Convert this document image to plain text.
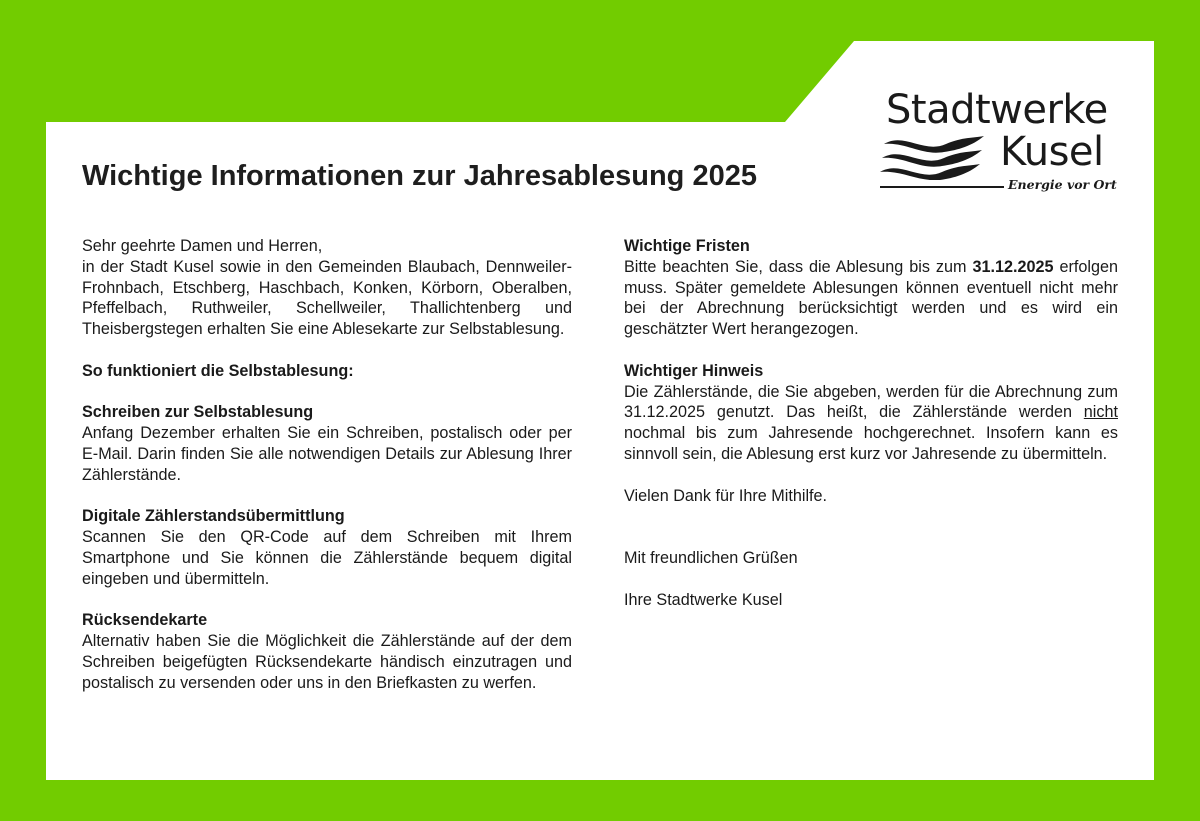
Stadtwerke
Kusel
Energie vor Ort
Wichtige Informationen zur Jahresablesung 2025

Sehr geehrte Damen und Herren,
in der Stadt Kusel sowie in den Gemeinden Blaubach, Dennweiler-Frohnbach, Etschberg, Haschbach, Konken, Körborn, Oberalben, Pfeffelbach, Ruthweiler, Schellweiler, Thallichtenberg und Theisbergstegen erhalten Sie eine Ablesekarte zur Selbstablesung.

So funktioniert die Selbstablesung:

Schreiben zur Selbstablesung
Anfang Dezember erhalten Sie ein Schreiben, postalisch oder per E-Mail. Darin finden Sie alle notwendigen Details zur Ablesung Ihrer Zählerstände.

Digitale Zählerstandsübermittlung
Scannen Sie den QR-Code auf dem Schreiben mit Ihrem Smartphone und Sie können die Zählerstände bequem digital eingeben und übermitteln.

Rücksendekarte
Alternativ haben Sie die Möglichkeit die Zählerstände auf der dem Schreiben beigefügten Rücksendekarte händisch einzutragen und postalisch zu versenden oder uns in den Briefkasten zu werfen.

Wichtige Fristen
Bitte beachten Sie, dass die Ablesung bis zum 31.12.2025 erfolgen muss. Später gemeldete Ablesungen können eventuell nicht mehr bei der Abrechnung berücksichtigt werden und es wird ein geschätzter Wert herangezogen.

Wichtiger Hinweis
Die Zählerstände, die Sie abgeben, werden für die Abrechnung zum 31.12.2025 genutzt. Das heißt, die Zählerstände werden nicht nochmal bis zum Jahresende hochgerechnet. Insofern kann es sinnvoll sein, die Ablesung erst kurz vor Jahresende zu übermitteln.

Vielen Dank für Ihre Mithilfe.

Mit freundlichen Grüßen

Ihre Stadtwerke Kusel
